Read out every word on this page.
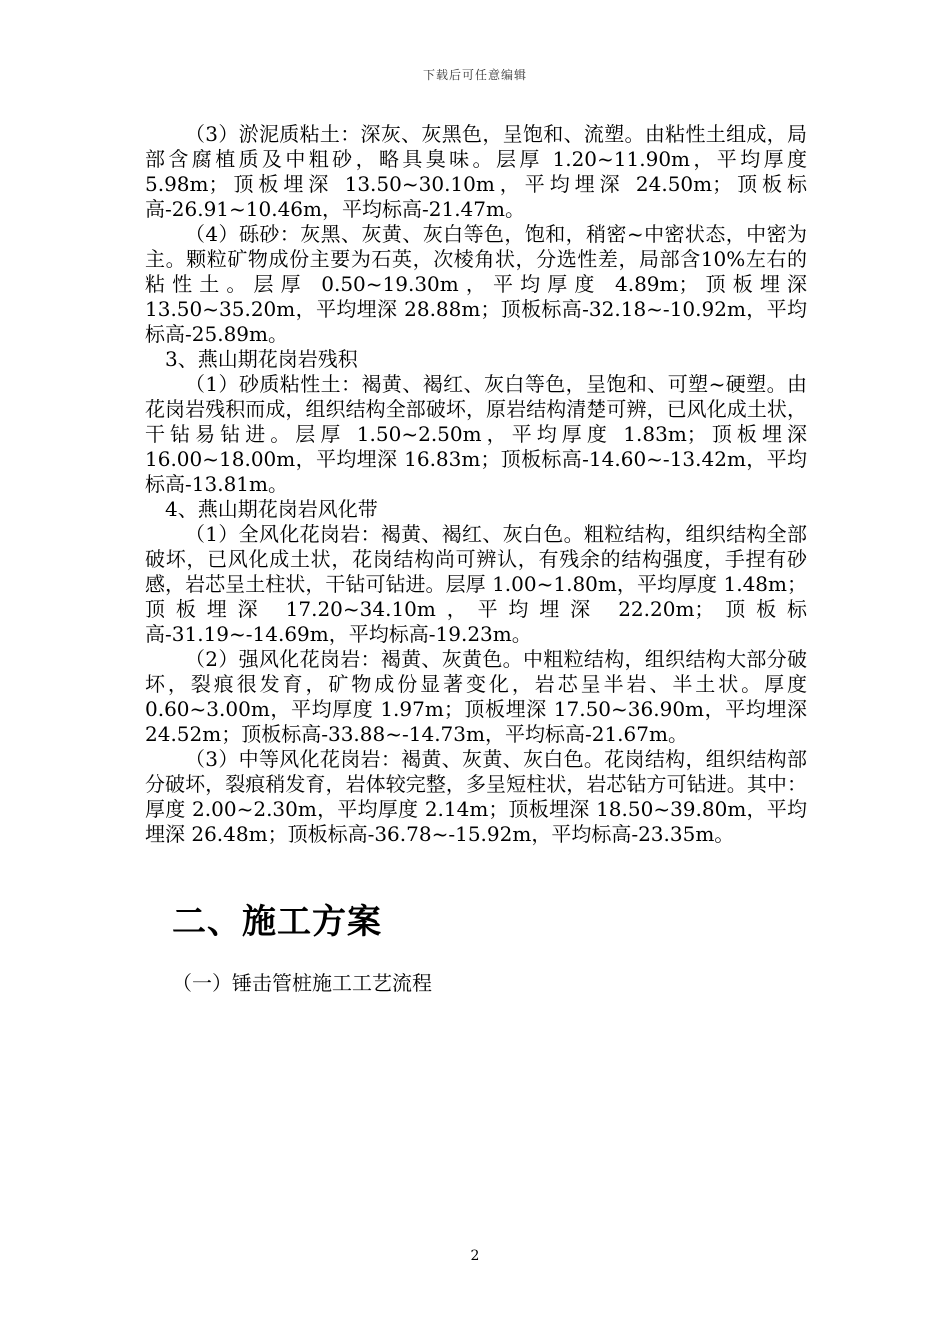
下载后可任意编辑

（3）淤泥质粘土：深灰、灰黑色，呈饱和、流塑。由粘性土组成，局部含腐植质及中粗砂，略具臭味。层厚 1.20~11.90m，平均厚度 5.98m；顶板埋深 13.50~30.10m，平均埋深 24.50m；顶板标高-26.91~10.46m，平均标高-21.47m。

（4）砾砂：灰黑、灰黄、灰白等色，饱和，稍密~中密状态，中密为主。颗粒矿物成份主要为石英，次棱角状，分选性差，局部含10%左右的粘性土。层厚 0.50~19.30m，平均厚度 4.89m；顶板埋深 13.50~35.20m，平均埋深 28.88m；顶板标高-32.18~-10.92m，平均标高-25.89m。

3、燕山期花岗岩残积

（1）砂质粘性土：褐黄、褐红、灰白等色，呈饱和、可塑~硬塑。由花岗岩残积而成，组织结构全部破坏，原岩结构清楚可辨，已风化成土状，干钻易钻进。层厚 1.50~2.50m，平均厚度 1.83m；顶板埋深 16.00~18.00m，平均埋深 16.83m；顶板标高-14.60~-13.42m，平均标高-13.81m。

4、燕山期花岗岩风化带

（1）全风化花岗岩：褐黄、褐红、灰白色。粗粒结构，组织结构全部破坏，已风化成土状，花岗结构尚可辨认，有残余的结构强度，手捏有砂感，岩芯呈土柱状，干钻可钻进。层厚 1.00~1.80m，平均厚度 1.48m；顶板埋深 17.20~34.10m，平均埋深 22.20m；顶板标高-31.19~-14.69m，平均标高-19.23m。

（2）强风化花岗岩：褐黄、灰黄色。中粗粒结构，组织结构大部分破坏，裂痕很发育，矿物成份显著变化，岩芯呈半岩、半土状。厚度 0.60~3.00m，平均厚度 1.97m；顶板埋深 17.50~36.90m，平均埋深 24.52m；顶板标高-33.88~-14.73m，平均标高-21.67m。

（3）中等风化花岗岩：褐黄、灰黄、灰白色。花岗结构，组织结构部分破坏，裂痕稍发育，岩体较完整，多呈短柱状，岩芯钻方可钻进。其中：厚度 2.00~2.30m，平均厚度 2.14m；顶板埋深 18.50~39.80m，平均埋深 26.48m；顶板标高-36.78~-15.92m，平均标高-23.35m。

二、施工方案

（一）锤击管桩施工工艺流程

2
